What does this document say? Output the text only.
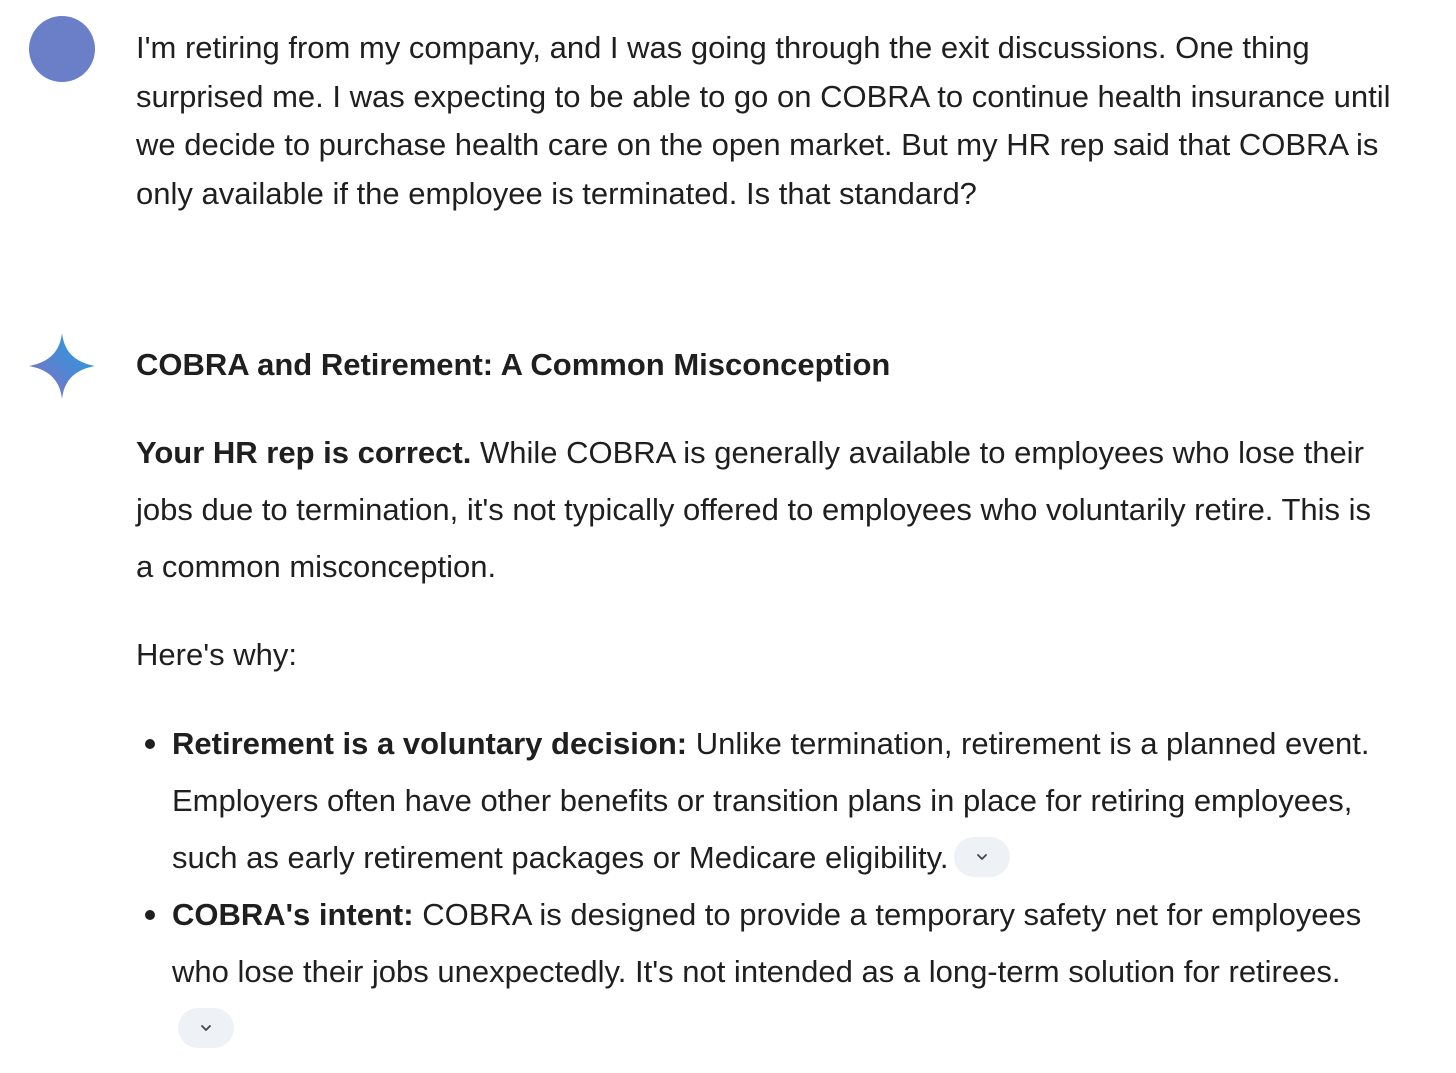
I'm retiring from my company, and I was going through the exit discussions. One thing surprised me. I was expecting to be able to go on COBRA to continue health insurance until we decide to purchase health care on the open market. But my HR rep said that COBRA is only available if the employee is terminated. Is that standard?

COBRA and Retirement: A Common Misconception

Your HR rep is correct. While COBRA is generally available to employees who lose their jobs due to termination, it's not typically offered to employees who voluntarily retire. This is a common misconception.

Here's why:

Retirement is a voluntary decision: Unlike termination, retirement is a planned event. Employers often have other benefits or transition plans in place for retiring employees, such as early retirement packages or Medicare eligibility.
COBRA's intent: COBRA is designed to provide a temporary safety net for employees who lose their jobs unexpectedly. It's not intended as a long-term solution for retirees.
